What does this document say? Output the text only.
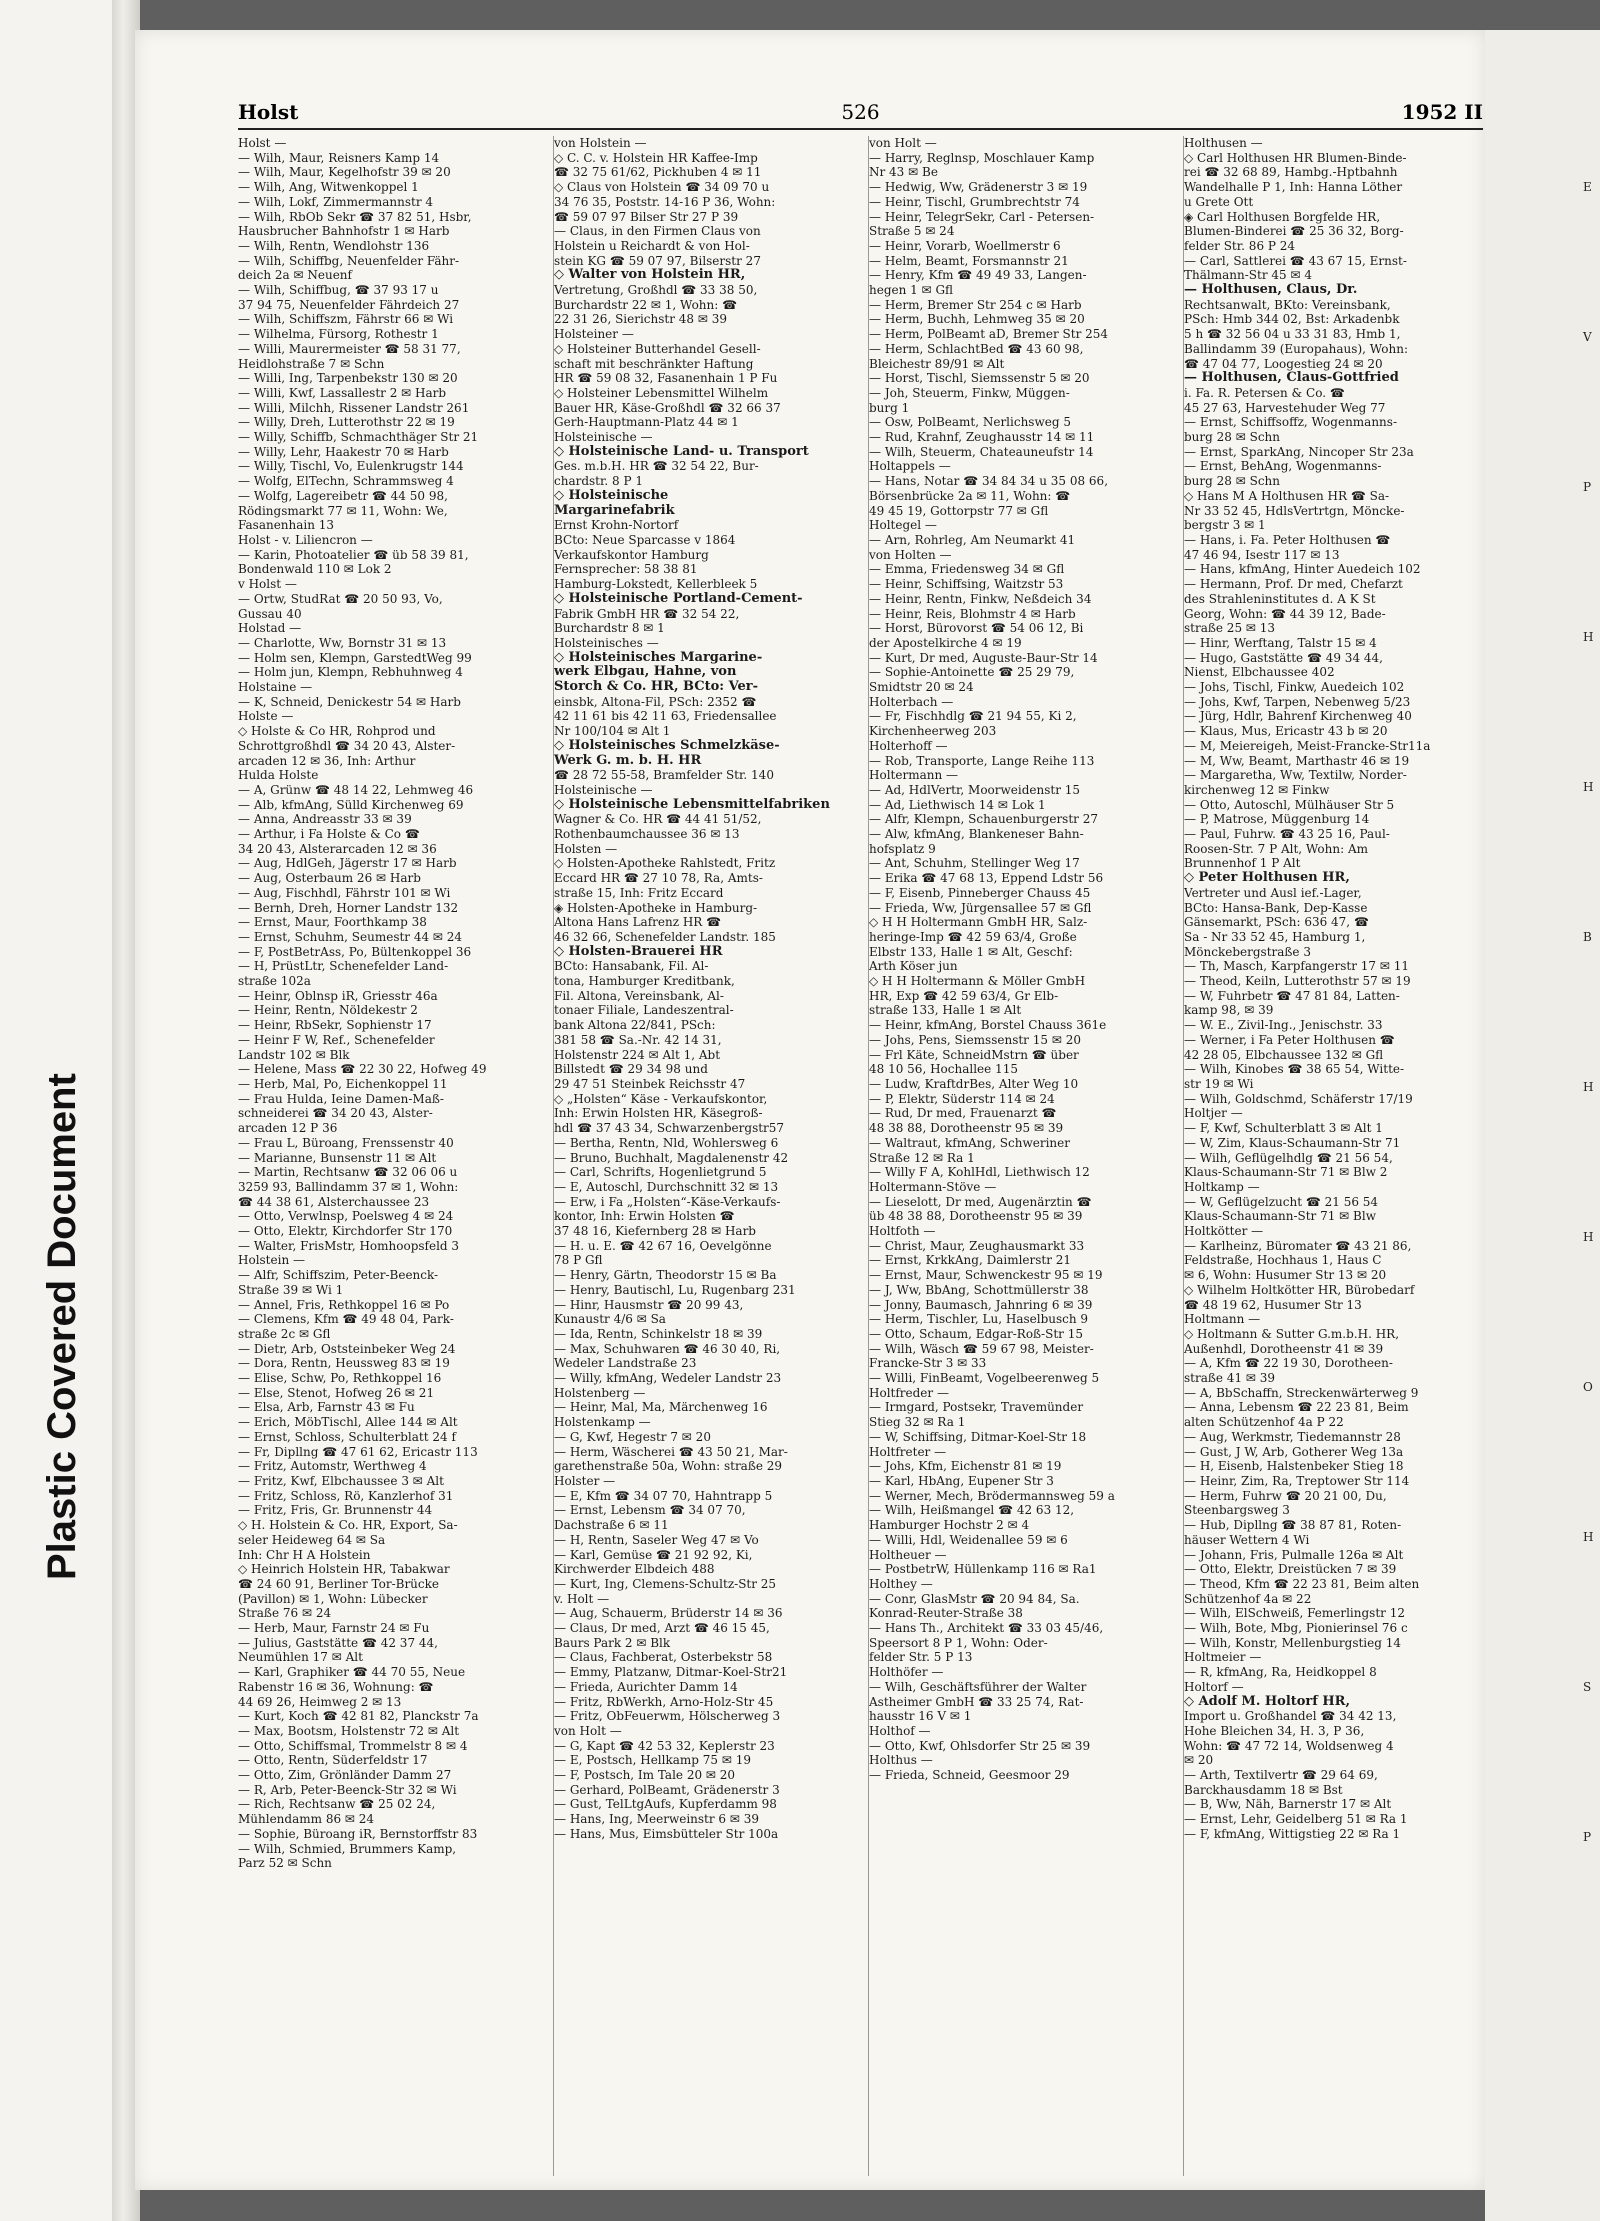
Plastic Covered Document
Holst	526	1952 II
Holst —
— Wilh, Maur, Reisners Kamp 14
— Wilh, Maur, Kegelhofstr 39 ✉ 20
— Wilh, Ang, Witwenkoppel 1
— Wilh, Lokf, Zimmermannstr 4
— Wilh, RbOb Sekr ☎ 37 82 51, Hsbr,
Hausbrucher Bahnhofstr 1 ✉ Harb
— Wilh, Rentn, Wendlohstr 136
— Wilh, Schiffbg, Neuenfelder Fähr-
deich 2a ✉ Neuenf
— Wilh, Schiffbug, ☎ 37 93 17 u
37 94 75, Neuenfelder Fährdeich 27
— Wilh, Schiffszm, Fährstr 66 ✉ Wi
— Wilhelma, Fürsorg, Rothestr 1
— Willi, Maurermeister ☎ 58 31 77,
Heidlohstraße 7 ✉ Schn
— Willi, Ing, Tarpenbekstr 130 ✉ 20
— Willi, Kwf, Lassallestr 2 ✉ Harb
— Willi, Milchh, Rissener Landstr 261
— Willy, Dreh, Lutterothstr 22 ✉ 19
— Willy, Schiffb, Schmachthäger Str 21
— Willy, Lehr, Haakestr 70 ✉ Harb
— Willy, Tischl, Vo, Eulenkrugstr 144
— Wolfg, ElTechn, Schrammsweg 4
— Wolfg, Lagereibetr ☎ 44 50 98,
Rödingsmarkt 77 ✉ 11, Wohn: We,
Fasanenhain 13
Holst - v. Liliencron —
— Karin, Photoatelier ☎ üb 58 39 81,
Bondenwald 110 ✉ Lok 2
v Holst —
— Ortw, StudRat ☎ 20 50 93, Vo,
Gussau 40
Holstad —
— Charlotte, Ww, Bornstr 31 ✉ 13
— Holm sen, Klempn, GarstedtWeg 99
— Holm jun, Klempn, Rebhuhnweg 4
Holstaine —
— K, Schneid, Denickestr 54 ✉ Harb
Holste —
◇ Holste & Co HR, Rohprod und
Schrottgroßhdl ☎ 34 20 43, Alster-
arcaden 12 ✉ 36, Inh: Arthur
Hulda Holste
— A, Grünw ☎ 48 14 22, Lehmweg 46
— Alb, kfmAng, Sülld Kirchenweg 69
— Anna, Andreasstr 33 ✉ 39
— Arthur, i Fa Holste & Co ☎
34 20 43, Alsterarcaden 12 ✉ 36
— Aug, HdlGeh, Jägerstr 17 ✉ Harb
— Aug, Osterbaum 26 ✉ Harb
— Aug, Fischhdl, Fährstr 101 ✉ Wi
— Bernh, Dreh, Horner Landstr 132
— Ernst, Maur, Foorthkamp 38
— Ernst, Schuhm, Seumestr 44 ✉ 24
— F, PostBetrAss, Po, Bültenkoppel 36
— H, PrüstLtr, Schenefelder Land-
straße 102a
— Heinr, Oblnsp iR, Griesstr 46a
— Heinr, Rentn, Nöldekestr 2
— Heinr, RbSekr, Sophienstr 17
— Heinr F W, Ref., Schenefelder
Landstr 102 ✉ Blk
— Helene, Mass ☎ 22 30 22, Hofweg 49
— Herb, Mal, Po, Eichenkoppel 11
— Frau Hulda, Ieine Damen-Maß-
schneiderei ☎ 34 20 43, Alster-
arcaden 12 P 36
— Frau L, Büroang, Frenssenstr 40
— Marianne, Bunsenstr 11 ✉ Alt
— Martin, Rechtsanw ☎ 32 06 06 u
3259 93, Ballindamm 37 ✉ 1, Wohn:
☎ 44 38 61, Alsterchaussee 23
— Otto, Verwlnsp, Poelsweg 4 ✉ 24
— Otto, Elektr, Kirchdorfer Str 170
— Walter, FrisMstr, Homhoopsfeld 3
Holstein —
— Alfr, Schiffszim, Peter-Beenck-
Straße 39 ✉ Wi 1
— Annel, Fris, Rethkoppel 16 ✉ Po
— Clemens, Kfm ☎ 49 48 04, Park-
straße 2c ✉ Gfl
— Dietr, Arb, Oststeinbeker Weg 24
— Dora, Rentn, Heussweg 83 ✉ 19
— Elise, Schw, Po, Rethkoppel 16
— Else, Stenot, Hofweg 26 ✉ 21
— Elsa, Arb, Farnstr 43 ✉ Fu
— Erich, MöbTischl, Allee 144 ✉ Alt
— Ernst, Schloss, Schulterblatt 24 f
— Fr, Dipllng ☎ 47 61 62, Ericastr 113
— Fritz, Automstr, Werthweg 4
— Fritz, Kwf, Elbchaussee 3 ✉ Alt
— Fritz, Schloss, Rö, Kanzlerhof 31
— Fritz, Fris, Gr. Brunnenstr 44
◇ H. Holstein & Co. HR, Export, Sa-
seler Heideweg 64 ✉ Sa
Inh: Chr H A Holstein
◇ Heinrich Holstein HR, Tabakwar
☎ 24 60 91, Berliner Tor-Brücke
(Pavillon) ✉ 1, Wohn: Lübecker
Straße 76 ✉ 24
— Herb, Maur, Farnstr 24 ✉ Fu
— Julius, Gaststätte ☎ 42 37 44,
Neumühlen 17 ✉ Alt
— Karl, Graphiker ☎ 44 70 55, Neue
Rabenstr 16 ✉ 36, Wohnung: ☎
44 69 26, Heimweg 2 ✉ 13
— Kurt, Koch ☎ 42 81 82, Planckstr 7a
— Max, Bootsm, Holstenstr 72 ✉ Alt
— Otto, Schiffsmal, Trommelstr 8 ✉ 4
— Otto, Rentn, Süderfeldstr 17
— Otto, Zim, Grönländer Damm 27
— R, Arb, Peter-Beenck-Str 32 ✉ Wi
— Rich, Rechtsanw ☎ 25 02 24,
Mühlendamm 86 ✉ 24
— Sophie, Büroang iR, Bernstorffstr 83
— Wilh, Schmied, Brummers Kamp,
Parz 52 ✉ Schn
von Holstein —
◇ C. C. v. Holstein HR Kaffee-Imp
☎ 32 75 61/62, Pickhuben 4 ✉ 11
◇ Claus von Holstein ☎ 34 09 70 u
34 76 35, Poststr. 14-16 P 36, Wohn:
☎ 59 07 97 Bilser Str 27 P 39
— Claus, in den Firmen Claus von
Holstein u Reichardt & von Hol-
stein KG ☎ 59 07 97, Bilserstr 27
◇ Walter von Holstein HR,
Vertretung, Großhdl ☎ 33 38 50,
Burchardstr 22 ✉ 1, Wohn: ☎
22 31 26, Sierichstr 48 ✉ 39
Holsteiner —
◇ Holsteiner Butterhandel Gesell-
schaft mit beschränkter Haftung
HR ☎ 59 08 32, Fasanenhain 1 P Fu
◇ Holsteiner Lebensmittel Wilhelm
Bauer HR, Käse-Großhdl ☎ 32 66 37
Gerh-Hauptmann-Platz 44 ✉ 1
Holsteinische —
◇ Holsteinische Land- u. Transport
Ges. m.b.H. HR ☎ 32 54 22, Bur-
chardstr. 8 P 1
◇ Holsteinische
Margarinefabrik
Ernst Krohn-Nortorf
BCto: Neue Sparcasse v 1864
Verkaufskontor Hamburg
Fernsprecher: 58 38 81
Hamburg-Lokstedt, Kellerbleek 5
◇ Holsteinische Portland-Cement-
Fabrik GmbH HR ☎ 32 54 22,
Burchardstr 8 ✉ 1
Holsteinisches —
◇ Holsteinisches Margarine-
werk Elbgau, Hahne, von
Storch & Co. HR, BCto: Ver-
einsbk, Altona-Fil, PSch: 2352 ☎
42 11 61 bis 42 11 63, Friedensallee
Nr 100/104 ✉ Alt 1
◇ Holsteinisches Schmelzkäse-
Werk G. m. b. H. HR
☎ 28 72 55-58, Bramfelder Str. 140
Holsteinische —
◇ Holsteinische Lebensmittelfabriken
Wagner & Co. HR ☎ 44 41 51/52,
Rothenbaumchaussee 36 ✉ 13
Holsten —
◇ Holsten-Apotheke Rahlstedt, Fritz
Eccard HR ☎ 27 10 78, Ra, Amts-
straße 15, Inh: Fritz Eccard
◈ Holsten-Apotheke in Hamburg-
Altona Hans Lafrenz HR ☎
46 32 66, Schenefelder Landstr. 185
◇ Holsten-Brauerei HR
BCto: Hansabank, Fil. Al-
tona, Hamburger Kreditbank,
Fil. Altona, Vereinsbank, Al-
tonaer Filiale, Landeszentral-
bank Altona 22/841, PSch:
381 58 ☎ Sa.-Nr. 42 14 31,
Holstenstr 224 ✉ Alt 1, Abt
Billstedt ☎ 29 34 98 und
29 47 51 Steinbek Reichsstr 47
◇ „Holsten“ Käse - Verkaufskontor,
Inh: Erwin Holsten HR, Käsegroß-
hdl ☎ 37 43 34, Schwarzenbergstr57
— Bertha, Rentn, Nld, Wohlersweg 6
— Bruno, Buchhalt, Magdalenenstr 42
— Carl, Schrifts, Hogenlietgrund 5
— E, Autoschl, Durchschnitt 32 ✉ 13
— Erw, i Fa „Holsten“-Käse-Verkaufs-
kontor, Inh: Erwin Holsten ☎
37 48 16, Kiefernberg 28 ✉ Harb
— H. u. E. ☎ 42 67 16, Oevelgönne
78 P Gfl
— Henry, Gärtn, Theodorstr 15 ✉ Ba
— Henry, Bautischl, Lu, Rugenbarg 231
— Hinr, Hausmstr ☎ 20 99 43,
Kunaustr 4/6 ✉ Sa
— Ida, Rentn, Schinkelstr 18 ✉ 39
— Max, Schuhwaren ☎ 46 30 40, Ri,
Wedeler Landstraße 23
— Willy, kfmAng, Wedeler Landstr 23
Holstenberg —
— Heinr, Mal, Ma, Märchenweg 16
Holstenkamp —
— G, Kwf, Hegestr 7 ✉ 20
— Herm, Wäscherei ☎ 43 50 21, Mar-
garethenstraße 50a, Wohn: straße 29
Holster —
— E, Kfm ☎ 34 07 70, Hahntrapp 5
— Ernst, Lebensm ☎ 34 07 70,
Dachstraße 6 ✉ 11
— H, Rentn, Saseler Weg 47 ✉ Vo
— Karl, Gemüse ☎ 21 92 92, Ki,
Kirchwerder Elbdeich 488
— Kurt, Ing, Clemens-Schultz-Str 25
v. Holt —
— Aug, Schauerm, Brüderstr 14 ✉ 36
— Claus, Dr med, Arzt ☎ 46 15 45,
Baurs Park 2 ✉ Blk
— Claus, Fachberat, Osterbekstr 58
— Emmy, Platzanw, Ditmar-Koel-Str21
— Frieda, Aurichter Damm 14
— Fritz, RbWerkh, Arno-Holz-Str 45
— Fritz, ObFeuerwm, Hölscherweg 3
von Holt —
— G, Kapt ☎ 42 53 32, Keplerstr 23
— E, Postsch, Hellkamp 75 ✉ 19
— F, Postsch, Im Tale 20 ✉ 20
— Gerhard, PolBeamt, Grädenerstr 3
— Gust, TelLtgAufs, Kupferdamm 98
— Hans, Ing, Meerweinstr 6 ✉ 39
— Hans, Mus, Eimsbütteler Str 100a
von Holt —
— Harry, Reglnsp, Moschlauer Kamp
Nr 43 ✉ Be
— Hedwig, Ww, Grädenerstr 3 ✉ 19
— Heinr, Tischl, Grumbrechtstr 74
— Heinr, TelegrSekr, Carl - Petersen-
Straße 5 ✉ 24
— Heinr, Vorarb, Woellmerstr 6
— Helm, Beamt, Forsmannstr 21
— Henry, Kfm ☎ 49 49 33, Langen-
hegen 1 ✉ Gfl
— Herm, Bremer Str 254 c ✉ Harb
— Herm, Buchh, Lehmweg 35 ✉ 20
— Herm, PolBeamt aD, Bremer Str 254
— Herm, SchlachtBed ☎ 43 60 98,
Bleichestr 89/91 ✉ Alt
— Horst, Tischl, Siemssenstr 5 ✉ 20
— Joh, Steuerm, Finkw, Müggen-
burg 1
— Osw, PolBeamt, Nerlichsweg 5
— Rud, Krahnf, Zeughausstr 14 ✉ 11
— Wilh, Steuerm, Chateauneufstr 14
Holtappels —
— Hans, Notar ☎ 34 84 34 u 35 08 66,
Börsenbrücke 2a ✉ 11, Wohn: ☎
49 45 19, Gottorpstr 77 ✉ Gfl
Holtegel —
— Arn, Rohrleg, Am Neumarkt 41
von Holten —
— Emma, Friedensweg 34 ✉ Gfl
— Heinr, Schiffsing, Waitzstr 53
— Heinr, Rentn, Finkw, Neßdeich 34
— Heinr, Reis, Blohmstr 4 ✉ Harb
— Horst, Bürovorst ☎ 54 06 12, Bi
der Apostelkirche 4 ✉ 19
— Kurt, Dr med, Auguste-Baur-Str 14
— Sophie-Antoinette ☎ 25 29 79,
Smidtstr 20 ✉ 24
Holterbach —
— Fr, Fischhdlg ☎ 21 94 55, Ki 2,
Kirchenheerweg 203
Holterhoff —
— Rob, Transporte, Lange Reihe 113
Holtermann —
— Ad, HdlVertr, Moorweidenstr 15
— Ad, Liethwisch 14 ✉ Lok 1
— Alfr, Klempn, Schauenburgerstr 27
— Alw, kfmAng, Blankeneser Bahn-
hofsplatz 9
— Ant, Schuhm, Stellinger Weg 17
— Erika ☎ 47 68 13, Eppend Ldstr 56
— F, Eisenb, Pinneberger Chauss 45
— Frieda, Ww, Jürgensallee 57 ✉ Gfl
◇ H H Holtermann GmbH HR, Salz-
heringe-Imp ☎ 42 59 63/4, Große
Elbstr 133, Halle 1 ✉ Alt, Geschf:
Arth Köser jun
◇ H H Holtermann & Möller GmbH
HR, Exp ☎ 42 59 63/4, Gr Elb-
straße 133, Halle 1 ✉ Alt
— Heinr, kfmAng, Borstel Chauss 361e
— Johs, Pens, Siemssenstr 15 ✉ 20
— Frl Käte, SchneidMstrn ☎ über
48 10 56, Hochallee 115
— Ludw, KraftdrBes, Alter Weg 10
— P, Elektr, Süderstr 114 ✉ 24
— Rud, Dr med, Frauenarzt ☎
48 38 88, Dorotheenstr 95 ✉ 39
— Waltraut, kfmAng, Schweriner
Straße 12 ✉ Ra 1
— Willy F A, KohlHdl, Liethwisch 12
Holtermann-Stöve —
— Lieselott, Dr med, Augenärztin ☎
üb 48 38 88, Dorotheenstr 95 ✉ 39
Holtfoth —
— Christ, Maur, Zeughausmarkt 33
— Ernst, KrkkAng, Daimlerstr 21
— Ernst, Maur, Schwenckestr 95 ✉ 19
— J, Ww, BbAng, Schottmüllerstr 38
— Jonny, Baumasch, Jahnring 6 ✉ 39
— Herm, Tischler, Lu, Haselbusch 9
— Otto, Schaum, Edgar-Roß-Str 15
— Wilh, Wäsch ☎ 59 67 98, Meister-
Francke-Str 3 ✉ 33
— Willi, FinBeamt, Vogelbeerenweg 5
Holtfreder —
— Irmgard, Postsekr, Travemünder
Stieg 32 ✉ Ra 1
— W, Schiffsing, Ditmar-Koel-Str 18
Holtfreter —
— Johs, Kfm, Eichenstr 81 ✉ 19
— Karl, HbAng, Eupener Str 3
— Werner, Mech, Brödermannsweg 59 a
— Wilh, Heißmangel ☎ 42 63 12,
Hamburger Hochstr 2 ✉ 4
— Willi, Hdl, Weidenallee 59 ✉ 6
Holtheuer —
— PostbetrW, Hüllenkamp 116 ✉ Ra1
Holthey —
— Conr, GlasMstr ☎ 20 94 84, Sa.
Konrad-Reuter-Straße 38
— Hans Th., Architekt ☎ 33 03 45/46,
Speersort 8 P 1, Wohn: Oder-
felder Str. 5 P 13
Holthöfer —
— Wilh, Geschäftsführer der Walter
Astheimer GmbH ☎ 33 25 74, Rat-
hausstr 16 V ✉ 1
Holthof —
— Otto, Kwf, Ohlsdorfer Str 25 ✉ 39
Holthus —
— Frieda, Schneid, Geesmoor 29
Holthusen —
◇ Carl Holthusen HR Blumen-Binde-
rei ☎ 32 68 89, Hambg.-Hptbahnh
Wandelhalle P 1, Inh: Hanna Löther
u Grete Ott
◈ Carl Holthusen Borgfelde HR,
Blumen-Binderei ☎ 25 36 32, Borg-
felder Str. 86 P 24
— Carl, Sattlerei ☎ 43 67 15, Ernst-
Thälmann-Str 45 ✉ 4
— Holthusen, Claus, Dr.
Rechtsanwalt, BKto: Vereinsbank,
PSch: Hmb 344 02, Bst: Arkadenbk
5 h ☎ 32 56 04 u 33 31 83, Hmb 1,
Ballindamm 39 (Europahaus), Wohn:
☎ 47 04 77, Loogestieg 24 ✉ 20
— Holthusen, Claus-Gottfried
i. Fa. R. Petersen & Co. ☎
45 27 63, Harvestehuder Weg 77
— Ernst, Schiffsoffz, Wogenmanns-
burg 28 ✉ Schn
— Ernst, SparkAng, Nincoper Str 23a
— Ernst, BehAng, Wogenmanns-
burg 28 ✉ Schn
◇ Hans M A Holthusen HR ☎ Sa-
Nr 33 52 45, HdlsVertrtgn, Möncke-
bergstr 3 ✉ 1
— Hans, i. Fa. Peter Holthusen ☎
47 46 94, Isestr 117 ✉ 13
— Hans, kfmAng, Hinter Auedeich 102
— Hermann, Prof. Dr med, Chefarzt
des Strahleninstitutes d. A K St
Georg, Wohn: ☎ 44 39 12, Bade-
straße 25 ✉ 13
— Hinr, Werftang, Talstr 15 ✉ 4
— Hugo, Gaststätte ☎ 49 34 44,
Nienst, Elbchaussee 402
— Johs, Tischl, Finkw, Auedeich 102
— Johs, Kwf, Tarpen, Nebenweg 5/23
— Jürg, Hdlr, Bahrenf Kirchenweg 40
— Klaus, Mus, Ericastr 43 b ✉ 20
— M, Meiereigeh, Meist-Francke-Str11a
— M, Ww, Beamt, Marthastr 46 ✉ 19
— Margaretha, Ww, Textilw, Norder-
kirchenweg 12 ✉ Finkw
— Otto, Autoschl, Mülhäuser Str 5
— P, Matrose, Müggenburg 14
— Paul, Fuhrw. ☎ 43 25 16, Paul-
Roosen-Str. 7 P Alt, Wohn: Am
Brunnenhof 1 P Alt
◇ Peter Holthusen HR,
Vertreter und Ausl ief.-Lager,
BCto: Hansa-Bank, Dep-Kasse
Gänsemarkt, PSch: 636 47, ☎
Sa - Nr 33 52 45, Hamburg 1,
Mönckebergstraße 3
— Th, Masch, Karpfangerstr 17 ✉ 11
— Theod, Keiln, Lutterothstr 57 ✉ 19
— W, Fuhrbetr ☎ 47 81 84, Latten-
kamp 98, ✉ 39
— W. E., Zivil-Ing., Jenischstr. 33
— Werner, i Fa Peter Holthusen ☎
42 28 05, Elbchaussee 132 ✉ Gfl
— Wilh, Kinobes ☎ 38 65 54, Witte-
str 19 ✉ Wi
— Wilh, Goldschmd, Schäferstr 17/19
Holtjer —
— F, Kwf, Schulterblatt 3 ✉ Alt 1
— W, Zim, Klaus-Schaumann-Str 71
— Wilh, Geflügelhdlg ☎ 21 56 54,
Klaus-Schaumann-Str 71 ✉ Blw 2
Holtkamp —
— W, Geflügelzucht ☎ 21 56 54
Klaus-Schaumann-Str 71 ✉ Blw
Holtkötter —
— Karlheinz, Büromater ☎ 43 21 86,
Feldstraße, Hochhaus 1, Haus C
✉ 6, Wohn: Husumer Str 13 ✉ 20
◇ Wilhelm Holtkötter HR, Bürobedarf
☎ 48 19 62, Husumer Str 13
Holtmann —
◇ Holtmann & Sutter G.m.b.H. HR,
Außenhdl, Dorotheenstr 41 ✉ 39
— A, Kfm ☎ 22 19 30, Dorotheen-
straße 41 ✉ 39
— A, BbSchaffn, Streckenwärterweg 9
— Anna, Lebensm ☎ 22 23 81, Beim
alten Schützenhof 4a P 22
— Aug, Werkmstr, Tiedemannstr 28
— Gust, J W, Arb, Gotherer Weg 13a
— H, Eisenb, Halstenbeker Stieg 18
— Heinr, Zim, Ra, Treptower Str 114
— Herm, Fuhrw ☎ 20 21 00, Du,
Steenbargsweg 3
— Hub, Dipllng ☎ 38 87 81, Roten-
häuser Wettern 4 Wi
— Johann, Fris, Pulmalle 126a ✉ Alt
— Otto, Elektr, Dreistücken 7 ✉ 39
— Theod, Kfm ☎ 22 23 81, Beim alten
Schützenhof 4a ✉ 22
— Wilh, ElSchweiß, Femerlingstr 12
— Wilh, Bote, Mbg, Pionierinsel 76 c
— Wilh, Konstr, Mellenburgstieg 14
Holtmeier —
— R, kfmAng, Ra, Heidkoppel 8
Holtorf —
◇ Adolf M. Holtorf HR,
Import u. Großhandel ☎ 34 42 13,
Hohe Bleichen 34, H. 3, P 36,
Wohn: ☎ 47 72 14, Woldsenweg 4
✉ 20
— Arth, Textilvertr ☎ 29 64 69,
Barckhausdamm 18 ✉ Bst
— B, Ww, Näh, Barnerstr 17 ✉ Alt
— Ernst, Lehr, Geidelberg 51 ✉ Ra 1
— F, kfmAng, Wittigstieg 22 ✉ Ra 1
E
V
P
H
H
B
H
H
O
H
S
P
